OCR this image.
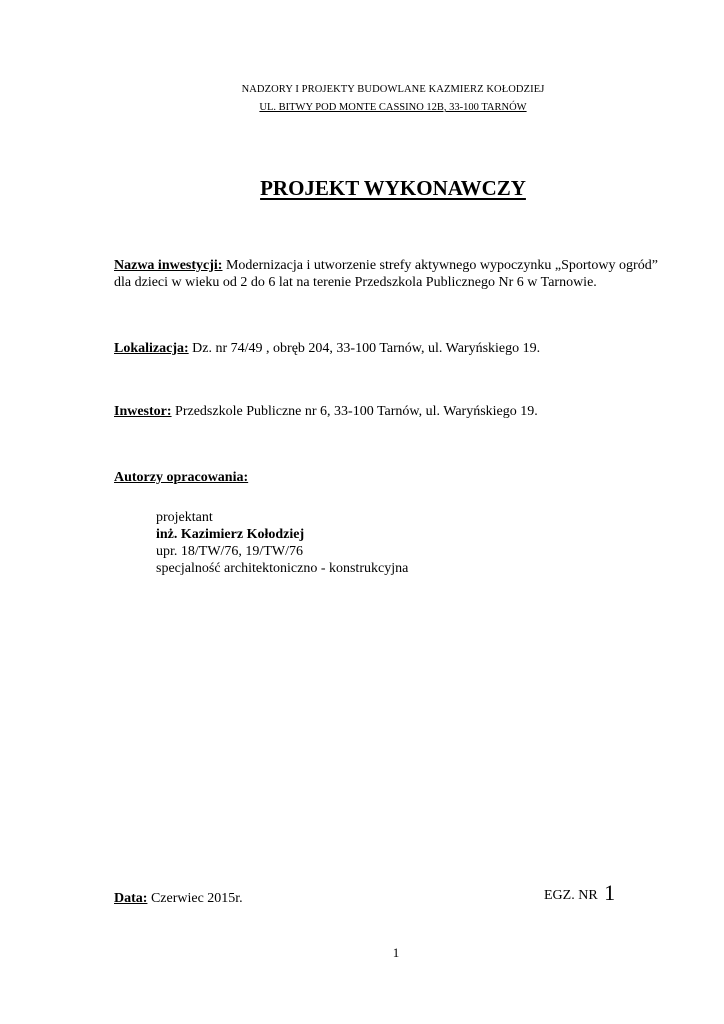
NADZORY I PROJEKTY BUDOWLANE KAZMIERZ KOŁODZIEJ
UL. BITWY POD MONTE CASSINO 12B, 33-100 TARNÓW
PROJEKT WYKONAWCZY
Nazwa inwestycji: Modernizacja i utworzenie strefy aktywnego wypoczynku „Sportowy ogród” dla dzieci w wieku od 2 do 6 lat na terenie Przedszkola Publicznego Nr 6 w Tarnowie.
Lokalizacja: Dz. nr 74/49 , obręb 204, 33-100 Tarnów, ul. Waryńskiego 19.
Inwestor: Przedszkole Publiczne nr 6, 33-100 Tarnów, ul. Waryńskiego 19.
Autorzy opracowania:
projektant
inż. Kazimierz Kołodziej
upr. 18/TW/76, 19/TW/76
specjalność architektoniczno - konstrukcyjna
Data: Czerwiec 2015r.	EGZ. NR 1
1
